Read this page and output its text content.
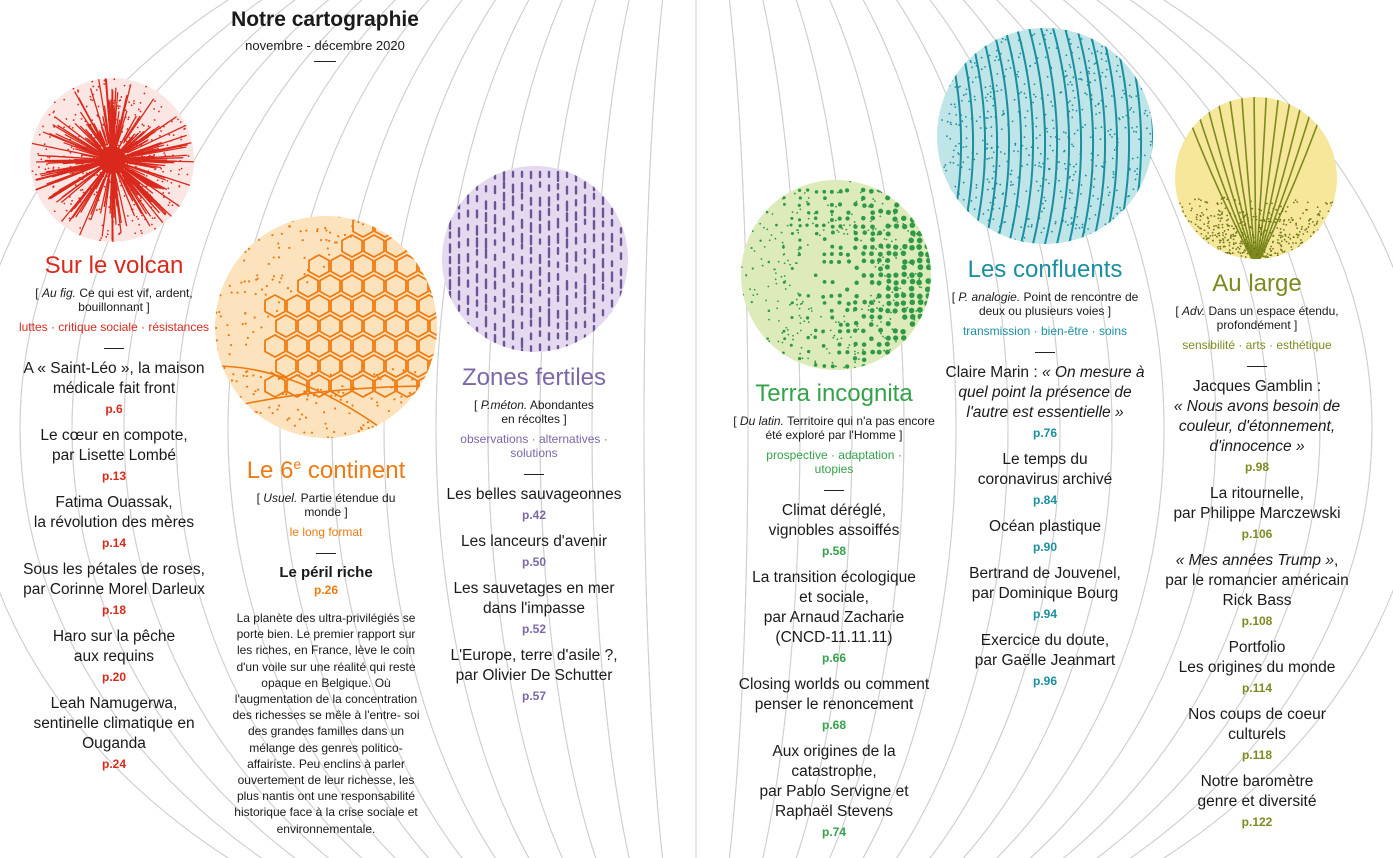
Notre cartographie
novembre - décembre 2020
Sur le volcan
[ Au fig. Ce qui est vif, ardent, bouillonnant ]
luttes · critique sociale · résistances
A « Saint-Léo », la maison
médicale fait front
p.6
Le cœur en compote,
par Lisette Lombé
p.13
Fatima Ouassak,
la révolution des mères
p.14
Sous les pétales de roses,
par Corinne Morel Darleux
p.18
Haro sur la pêche
aux requins
p.20
Leah Namugerwa,
sentinelle climatique en
Ouganda
p.24
Le 6e continent
[ Usuel. Partie étendue du monde ]
le long format
Le péril riche
p.26
La planète des ultra-privilégiés se porte bien. Le premier rapport sur les riches, en France, lève le coin d'un voile sur une réalité qui reste opaque en Belgique. Où l'augmentation de la concentration des richesses se mêle à l'entre- soi des grandes familles dans un mélange des genres politico-affairiste. Peu enclins à parler ouvertement de leur richesse, les plus nantis ont une responsabilité historique face à la crise sociale et environnementale.
Zones fertiles
[ P.méton. Abondantes en récoltes ]
observations · alternatives · solutions
Les belles sauvageonnes
p.42
Les lanceurs d'avenir
p.50
Les sauvetages en mer
dans l'impasse
p.52
L'Europe, terre d'asile ?,
par Olivier De Schutter
p.57
Terra incognita
[ Du latin. Territoire qui n'a pas encore été exploré par l'Homme ]
prospective · adaptation · utopies
Climat déréglé,
vignobles assoiffés
p.58
La transition écologique
et sociale,
par Arnaud Zacharie
(CNCD-11.11.11)
p.66
Closing worlds ou comment
penser le renoncement
p.68
Aux origines de la
catastrophe,
par Pablo Servigne et
Raphaël Stevens
p.74
Les confluents
[ P. analogie. Point de rencontre de deux ou plusieurs voies ]
transmission · bien-être · soins
Claire Marin : « On mesure à quel point la présence de l'autre est essentielle »
p.76
Le temps du
coronavirus archivé
p.84
Océan plastique
p.90
Bertrand de Jouvenel,
par Dominique Bourg
p.94
Exercice du doute,
par Gaëlle Jeanmart
p.96
Au large
[ Adv. Dans un espace étendu, profondément ]
sensibilité · arts · esthétique
Jacques Gamblin :
« Nous avons besoin de couleur, d'étonnement, d'innocence »
p.98
La ritournelle,
par Philippe Marczewski
p.106
« Mes années Trump »,
par le romancier américain
Rick Bass
p.108
Portfolio
Les origines du monde
p.114
Nos coups de coeur
culturels
p.118
Notre baromètre
genre et diversité
p.122
